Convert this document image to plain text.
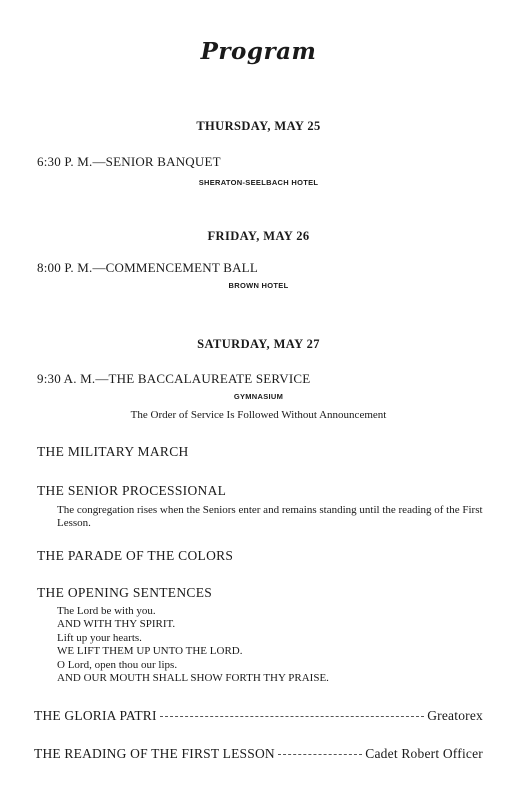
Program
THURSDAY, MAY 25
6:30 P. M.—SENIOR BANQUET
SHERATON-SEELBACH HOTEL
FRIDAY, MAY 26
8:00 P. M.—COMMENCEMENT BALL
BROWN HOTEL
SATURDAY, MAY 27
9:30 A. M.—THE BACCALAUREATE SERVICE
GYMNASIUM
The Order of Service Is Followed Without Announcement
THE MILITARY MARCH
THE SENIOR PROCESSIONAL
The congregation rises when the Seniors enter and remains standing until the reading of the First Lesson.
THE PARADE OF THE COLORS
THE OPENING SENTENCES
The Lord be with you.
AND WITH THY SPIRIT.
Lift up your hearts.
WE LIFT THEM UP UNTO THE LORD.
O Lord, open thou our lips.
AND OUR MOUTH SHALL SHOW FORTH THY PRAISE.
THE GLORIA PATRI	Greatorex
THE READING OF THE FIRST LESSON	Cadet Robert Officer
